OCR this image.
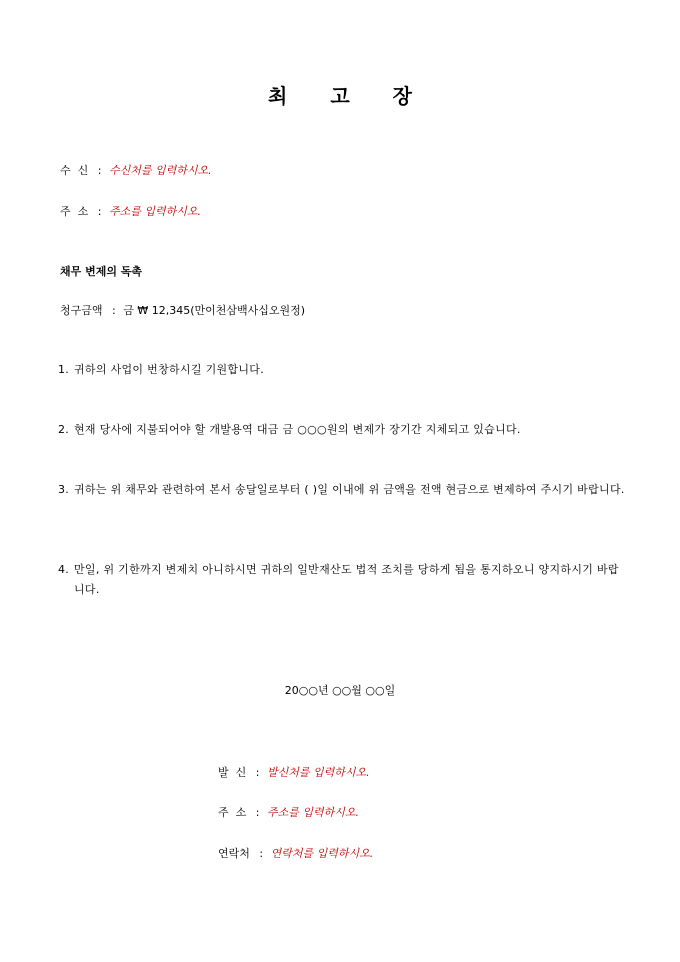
최 고 장
수  신 : 수신처를 입력하시오.
주  소 : 주소를 입력하시오.
채무 변제의 독촉
청구금액 : 금 ₩ 12,345(만이천삼백사십오원정)
1. 귀하의 사업이 번창하시길 기원합니다.
2. 현재 당사에 지불되어야 할 개발용역 대금 금 ○○○원의 변제가 장기간 지체되고 있습니다.
3. 귀하는 위 채무와 관련하여 본서 송달일로부터 ( )일 이내에 위 금액을 전액 현금으로 변제하여 주시기 바랍니다.
4. 만일, 위 기한까지 변제치 아니하시면 귀하의 일반재산도 법적 조치를 당하게 됨을 통지하오니 양지하시기 바랍니다.
20○○년 ○○월 ○○일
발  신 : 발신처를 입력하시오.
주  소 : 주소를 입력하시오.
연락처 : 연락처를 입력하시오.
